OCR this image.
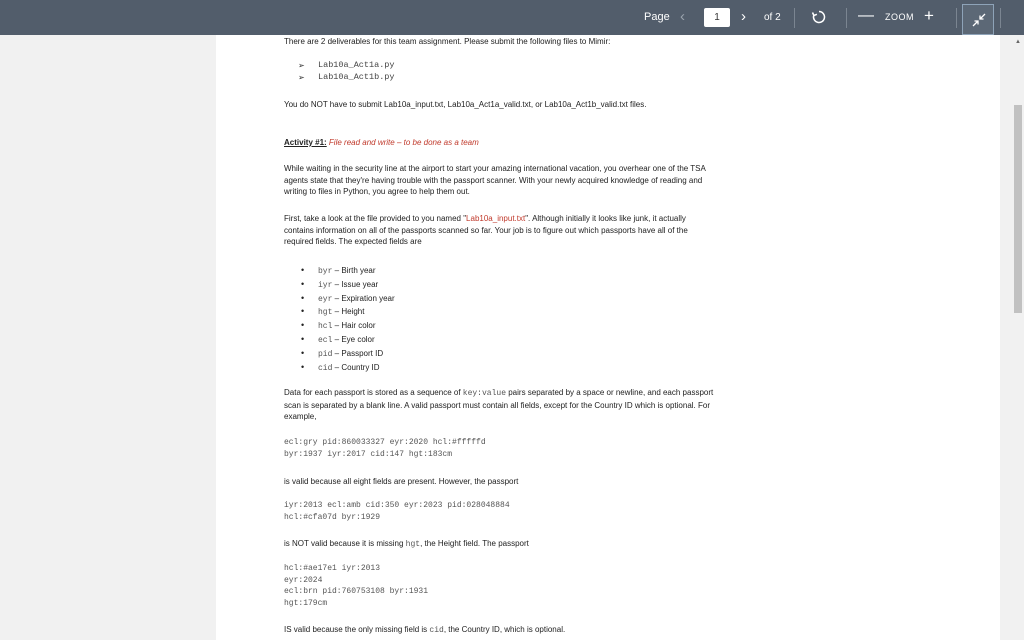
Page ‹	1	› of 2	— ZOOM +

There are 2 deliverables for this team assignment. Please submit the following files to Mimir:

➢ Lab10a_Act1a.py
➢ Lab10a_Act1b.py

You do NOT have to submit Lab10a_input.txt, Lab10a_Act1a_valid.txt, or Lab10a_Act1b_valid.txt files.

Activity #1: File read and write – to be done as a team

While waiting in the security line at the airport to start your amazing international vacation, you overhear one of the TSA agents state that they're having trouble with the passport scanner. With your newly acquired knowledge of reading and writing to files in Python, you agree to help them out.

First, take a look at the file provided to you named "Lab10a_input.txt". Although initially it looks like junk, it actually contains information on all of the passports scanned so far. Your job is to figure out which passports have all of the required fields. The expected fields are

• byr – Birth year
• iyr – Issue year
• eyr – Expiration year
• hgt – Height
• hcl – Hair color
• ecl – Eye color
• pid – Passport ID
• cid – Country ID

Data for each passport is stored as a sequence of key:value pairs separated by a space or newline, and each passport scan is separated by a blank line. A valid passport must contain all fields, except for the Country ID which is optional. For example,

ecl:gry pid:860033327 eyr:2020 hcl:#fffffd
byr:1937 iyr:2017 cid:147 hgt:183cm

is valid because all eight fields are present. However, the passport

iyr:2013 ecl:amb cid:350 eyr:2023 pid:028048884
hcl:#cfa07d byr:1929

is NOT valid because it is missing hgt, the Height field. The passport

hcl:#ae17e1 iyr:2013
eyr:2024
ecl:brn pid:760753108 byr:1931
hgt:179cm

IS valid because the only missing field is cid, the Country ID, which is optional.

▲
